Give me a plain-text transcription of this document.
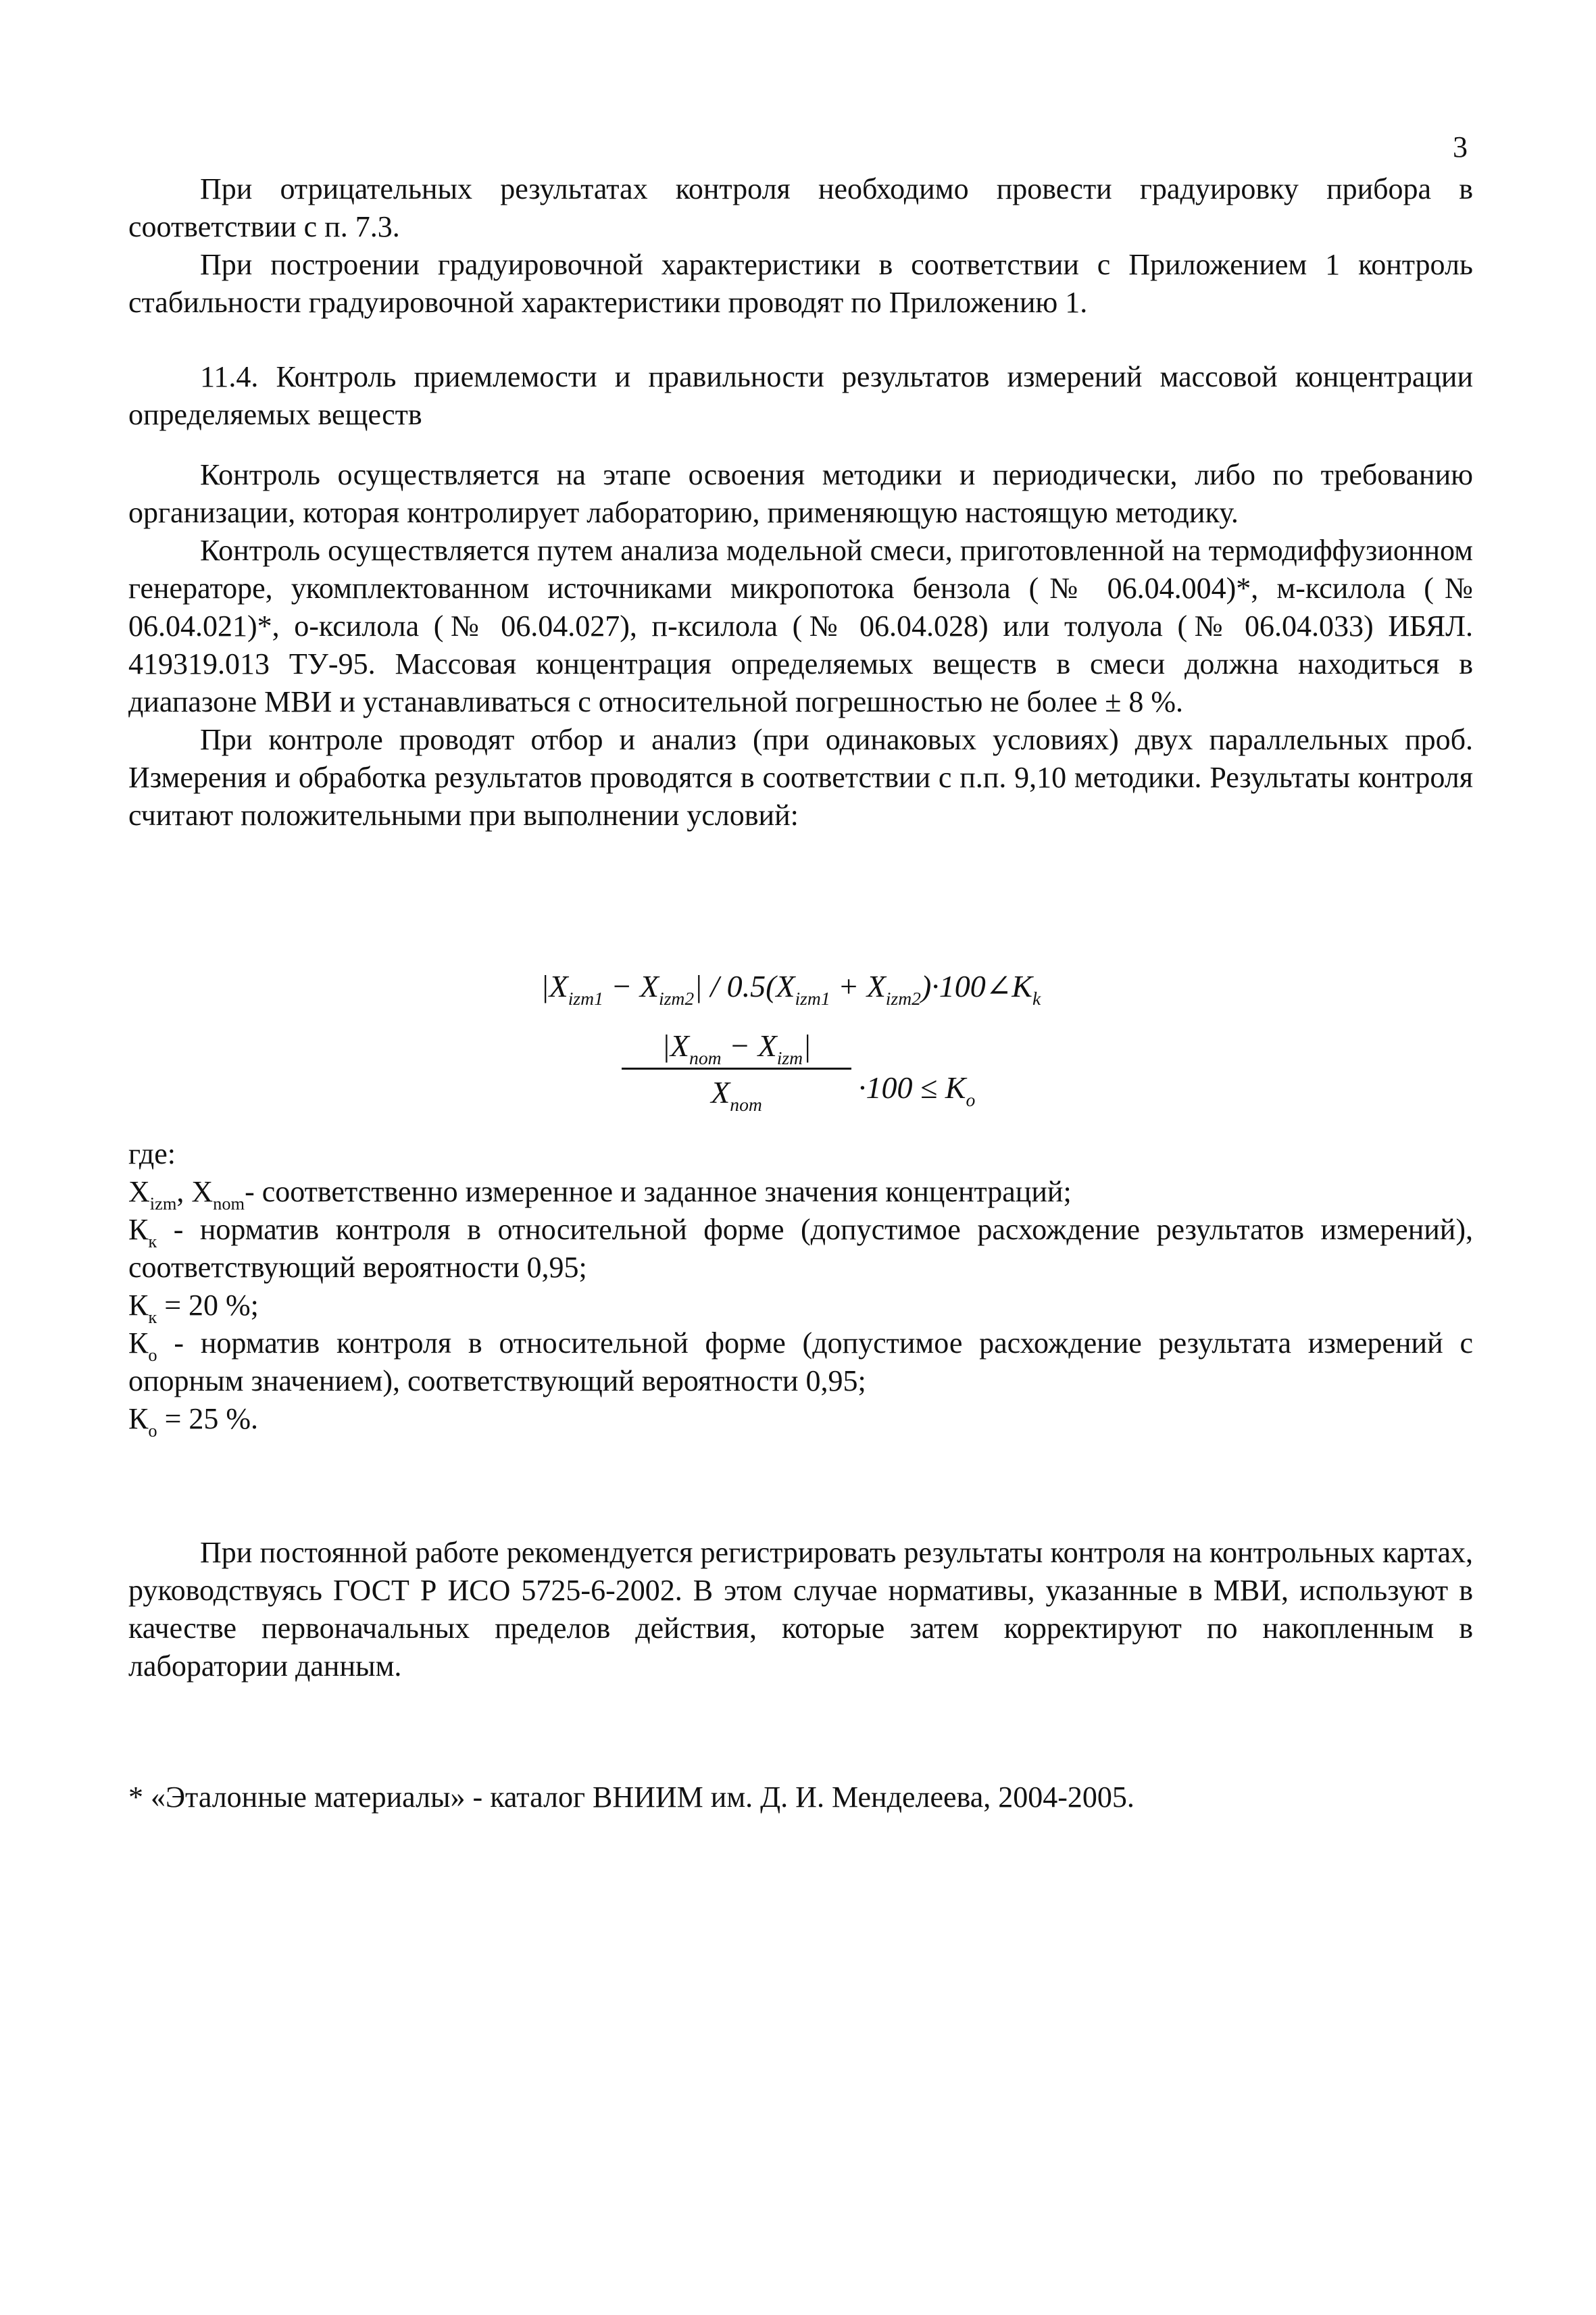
3

При отрицательных результатах контроля необходимо провести градуировку прибора в соответствии с п. 7.3.

При построении градуировочной характеристики в соответствии с Приложением 1 контроль стабильности градуировочной характеристики проводят по Приложению 1.

11.4. Контроль приемлемости и правильности результатов измерений массовой концентрации определяемых веществ

Контроль осуществляется на этапе освоения методики и периодически, либо по требованию организации, которая контролирует лабораторию, применяющую настоящую методику.

Контроль осуществляется путем анализа модельной смеси, приготовленной на термодиффузионном генераторе, укомплектованном источниками микропотока бензола (№ 06.04.004)*, м-ксилола (№ 06.04.021)*, о-ксилола (№ 06.04.027), п-ксилола (№ 06.04.028) или толуола (№ 06.04.033) ИБЯЛ. 419319.013 ТУ-95. Массовая концентрация определяемых веществ в смеси должна находиться в диапазоне МВИ и устанавливаться с относительной погрешностью не более ± 8 %.

При контроле проводят отбор и анализ (при одинаковых условиях) двух параллельных проб. Измерения и обработка результатов проводятся в соответствии с п.п. 9,10 методики. Результаты контроля считают положительными при выполнении условий:

$|X_{izm1} - X_{izm2}| / 0.5(X_{izm1}$ + $X_{izm2})\cdot 100\angle K_k$
$|X_{nom} - X_{izm}|$
$X_{nom}$	$\cdot 100 \le K_o$

где:

$X_{izm}$, $X_{nom}-$ соответственно измеренное и заданное значения концентраций;

$К_к$ - норматив контроля в относительной форме (допустимое расхождение результатов измерений), соответствующий вероятности 0,95;

$К_к = 20$ %;

$К_о$ - норматив контроля в относительной форме (допустимое расхождение результата измерений с опорным значением), соответствующий вероятности 0,95;

$К_о = 25$ %.

При постоянной работе рекомендуется регистрировать результаты контроля на контрольных картах, руководствуясь ГОСТ Р ИСО 5725-6-2002. В этом случае нормативы, указанные в МВИ, используют в качестве первоначальных пределов действия, которые затем корректируют по накопленным в лаборатории данным.

* «Эталонные материалы» - каталог ВНИИМ им. Д. И. Менделеева, 2004-2005.
